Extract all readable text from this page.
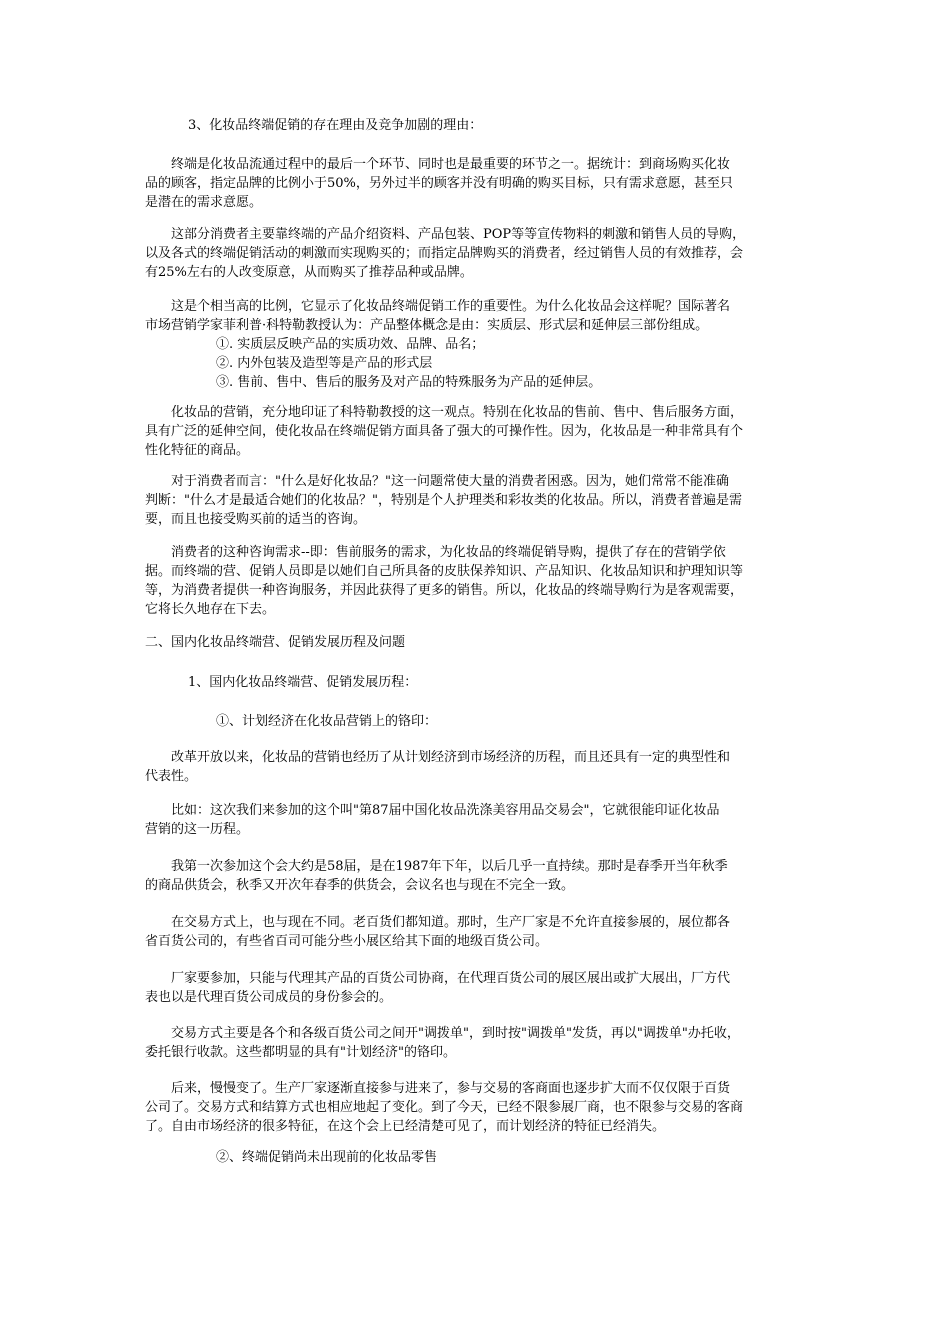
3、化妆品终端促销的存在理由及竞争加剧的理由：

　　终端是化妆品流通过程中的最后一个环节、同时也是最重要的环节之一。据统计：到商场购买化妆
品的顾客，指定品牌的比例小于50%，另外过半的顾客并没有明确的购买目标，只有需求意愿，甚至只
是潜在的需求意愿。

　　这部分消费者主要靠终端的产品介绍资料、产品包装、POP等等宣传物料的刺激和销售人员的导购，
以及各式的终端促销活动的刺激而实现购买的；而指定品牌购买的消费者，经过销售人员的有效推荐，会
有25%左右的人改变原意，从而购买了推荐品种或品牌。

　　这是个相当高的比例，它显示了化妆品终端促销工作的重要性。为什么化妆品会这样呢？国际著名
市场营销学家菲利普·科特勒教授认为：产品整体概念是由：实质层、形式层和延伸层三部份组成。

①. 实质层反映产品的实质功效、品牌、品名；

②. 内外包装及造型等是产品的形式层

③. 售前、售中、售后的服务及对产品的特殊服务为产品的延伸层。

　　化妆品的营销，充分地印证了科特勒教授的这一观点。特别在化妆品的售前、售中、售后服务方面，
具有广泛的延伸空间，使化妆品在终端促销方面具备了强大的可操作性。因为，化妆品是一种非常具有个
性化特征的商品。

　　对于消费者而言："什么是好化妆品？"这一问题常使大量的消费者困惑。因为，她们常常不能准确
判断："什么才是最适合她们的化妆品？"，特别是个人护理类和彩妆类的化妆品。所以，消费者普遍是需
要，而且也接受购买前的适当的咨询。

　　消费者的这种咨询需求--即：售前服务的需求，为化妆品的终端促销导购，提供了存在的营销学依
据。而终端的营、促销人员即是以她们自己所具备的皮肤保养知识、产品知识、化妆品知识和护理知识等
等，为消费者提供一种咨询服务，并因此获得了更多的销售。所以，化妆品的终端导购行为是客观需要，
它将长久地存在下去。

二、国内化妆品终端营、促销发展历程及问题

1、国内化妆品终端营、促销发展历程：

①、计划经济在化妆品营销上的铬印：

　　改革开放以来，化妆品的营销也经历了从计划经济到市场经济的历程，而且还具有一定的典型性和
代表性。

　　比如：这次我们来参加的这个叫"第87届中国化妆品洗涤美容用品交易会"，它就很能印证化妆品
营销的这一历程。

　　我第一次参加这个会大约是58届，是在1987年下年，以后几乎一直持续。那时是春季开当年秋季
的商品供货会，秋季又开次年春季的供货会，会议名也与现在不完全一致。

　　在交易方式上，也与现在不同。老百货们都知道。那时，生产厂家是不允许直接参展的，展位都各
省百货公司的，有些省百司可能分些小展区给其下面的地级百货公司。

　　厂家要参加，只能与代理其产品的百货公司协商，在代理百货公司的展区展出或扩大展出，厂方代
表也以是代理百货公司成员的身份参会的。

　　交易方式主要是各个和各级百货公司之间开"调拨单"，到时按"调拨单"发货，再以"调拨单"办托收，
委托银行收款。这些都明显的具有"计划经济"的铬印。

　　后来，慢慢变了。生产厂家逐渐直接参与进来了，参与交易的客商面也逐步扩大而不仅仅限于百货
公司了。交易方式和结算方式也相应地起了变化。到了今天，已经不限参展厂商，也不限参与交易的客商
了。自由市场经济的很多特征，在这个会上已经清楚可见了，而计划经济的特征已经消失。

②、终端促销尚未出现前的化妆品零售
